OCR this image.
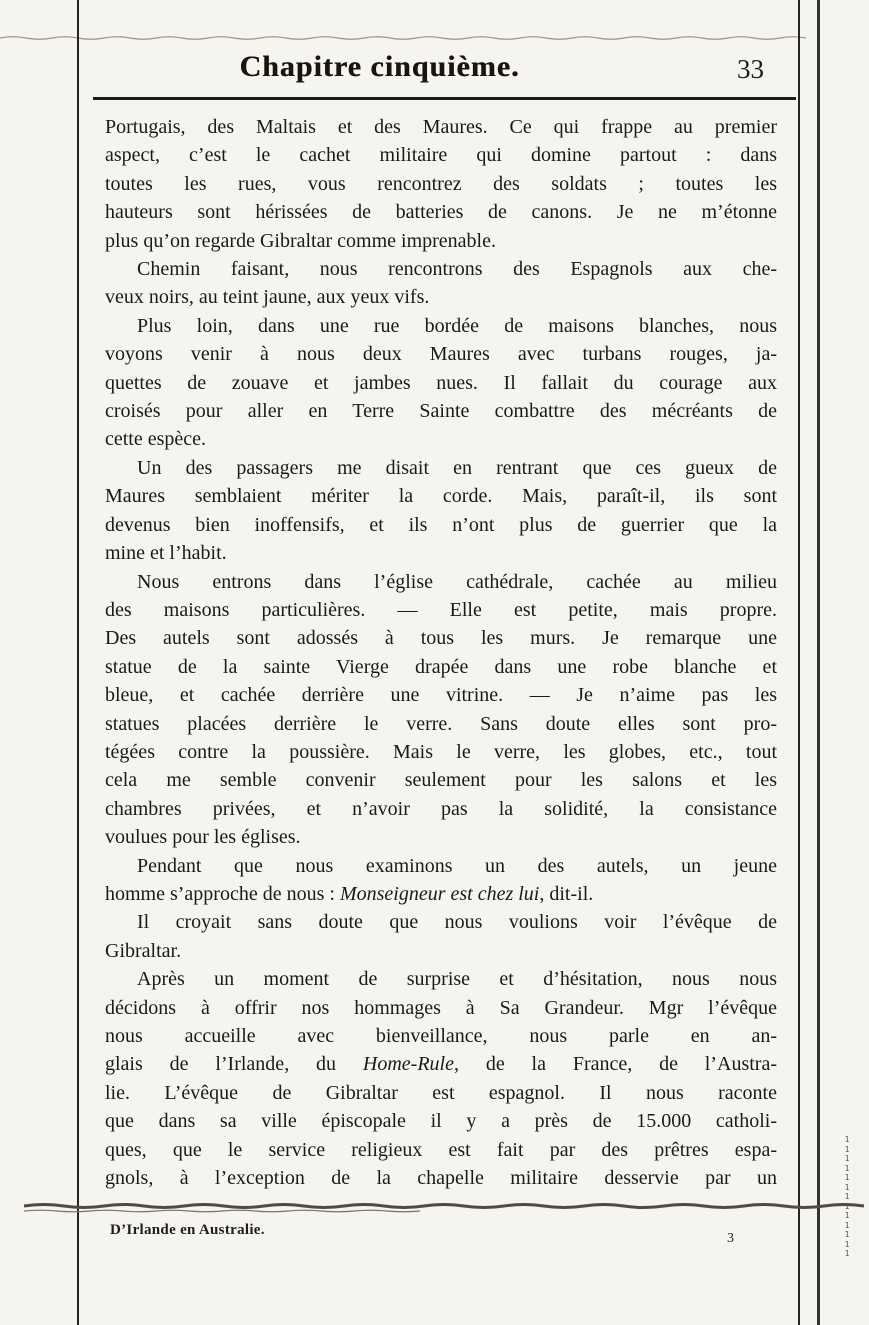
Chapitre cinquième.	33
Portugais, des Maltais et des Maures. Ce qui frappe au premier
aspect, c’est le cachet militaire qui domine partout : dans
toutes les rues, vous rencontrez des soldats ; toutes les
hauteurs sont hérissées de batteries de canons. Je ne m’étonne
plus qu’on regarde Gibraltar comme imprenable.
Chemin faisant, nous rencontrons des Espagnols aux che-
veux noirs, au teint jaune, aux yeux vifs.
Plus loin, dans une rue bordée de maisons blanches, nous
voyons venir à nous deux Maures avec turbans rouges, ja-
quettes de zouave et jambes nues. Il fallait du courage aux
croisés pour aller en Terre Sainte combattre des mécréants de
cette espèce.
Un des passagers me disait en rentrant que ces gueux de
Maures semblaient mériter la corde. Mais, paraît-il, ils sont
devenus bien inoffensifs, et ils n’ont plus de guerrier que la
mine et l’habit.
Nous entrons dans l’église cathédrale, cachée au milieu
des maisons particulières. — Elle est petite, mais propre.
Des autels sont adossés à tous les murs. Je remarque une
statue de la sainte Vierge drapée dans une robe blanche et
bleue, et cachée derrière une vitrine. — Je n’aime pas les
statues placées derrière le verre. Sans doute elles sont pro-
tégées contre la poussière. Mais le verre, les globes, etc., tout
cela me semble convenir seulement pour les salons et les
chambres privées, et n’avoir pas la solidité, la consistance
voulues pour les églises.
Pendant que nous examinons un des autels, un jeune
homme s’approche de nous : Monseigneur est chez lui, dit-il.
Il croyait sans doute que nous voulions voir l’évêque de
Gibraltar.
Après un moment de surprise et d’hésitation, nous nous
décidons à offrir nos hommages à Sa Grandeur. Mgr l’évêque
nous accueille avec bienveillance, nous parle en an-
glais de l’Irlande, du Home-Rule, de la France, de l’Austra-
lie. L’évêque de Gibraltar est espagnol. Il nous raconte
que dans sa ville épiscopale il y a près de 15.000 catholi-
ques, que le service religieux est fait par des prêtres espa-
gnols, à l’exception de la chapelle militaire desservie par un
D’Irlande en Australie.
3
1
1
1
1
1
1
1
1
1
1
1
1
1
